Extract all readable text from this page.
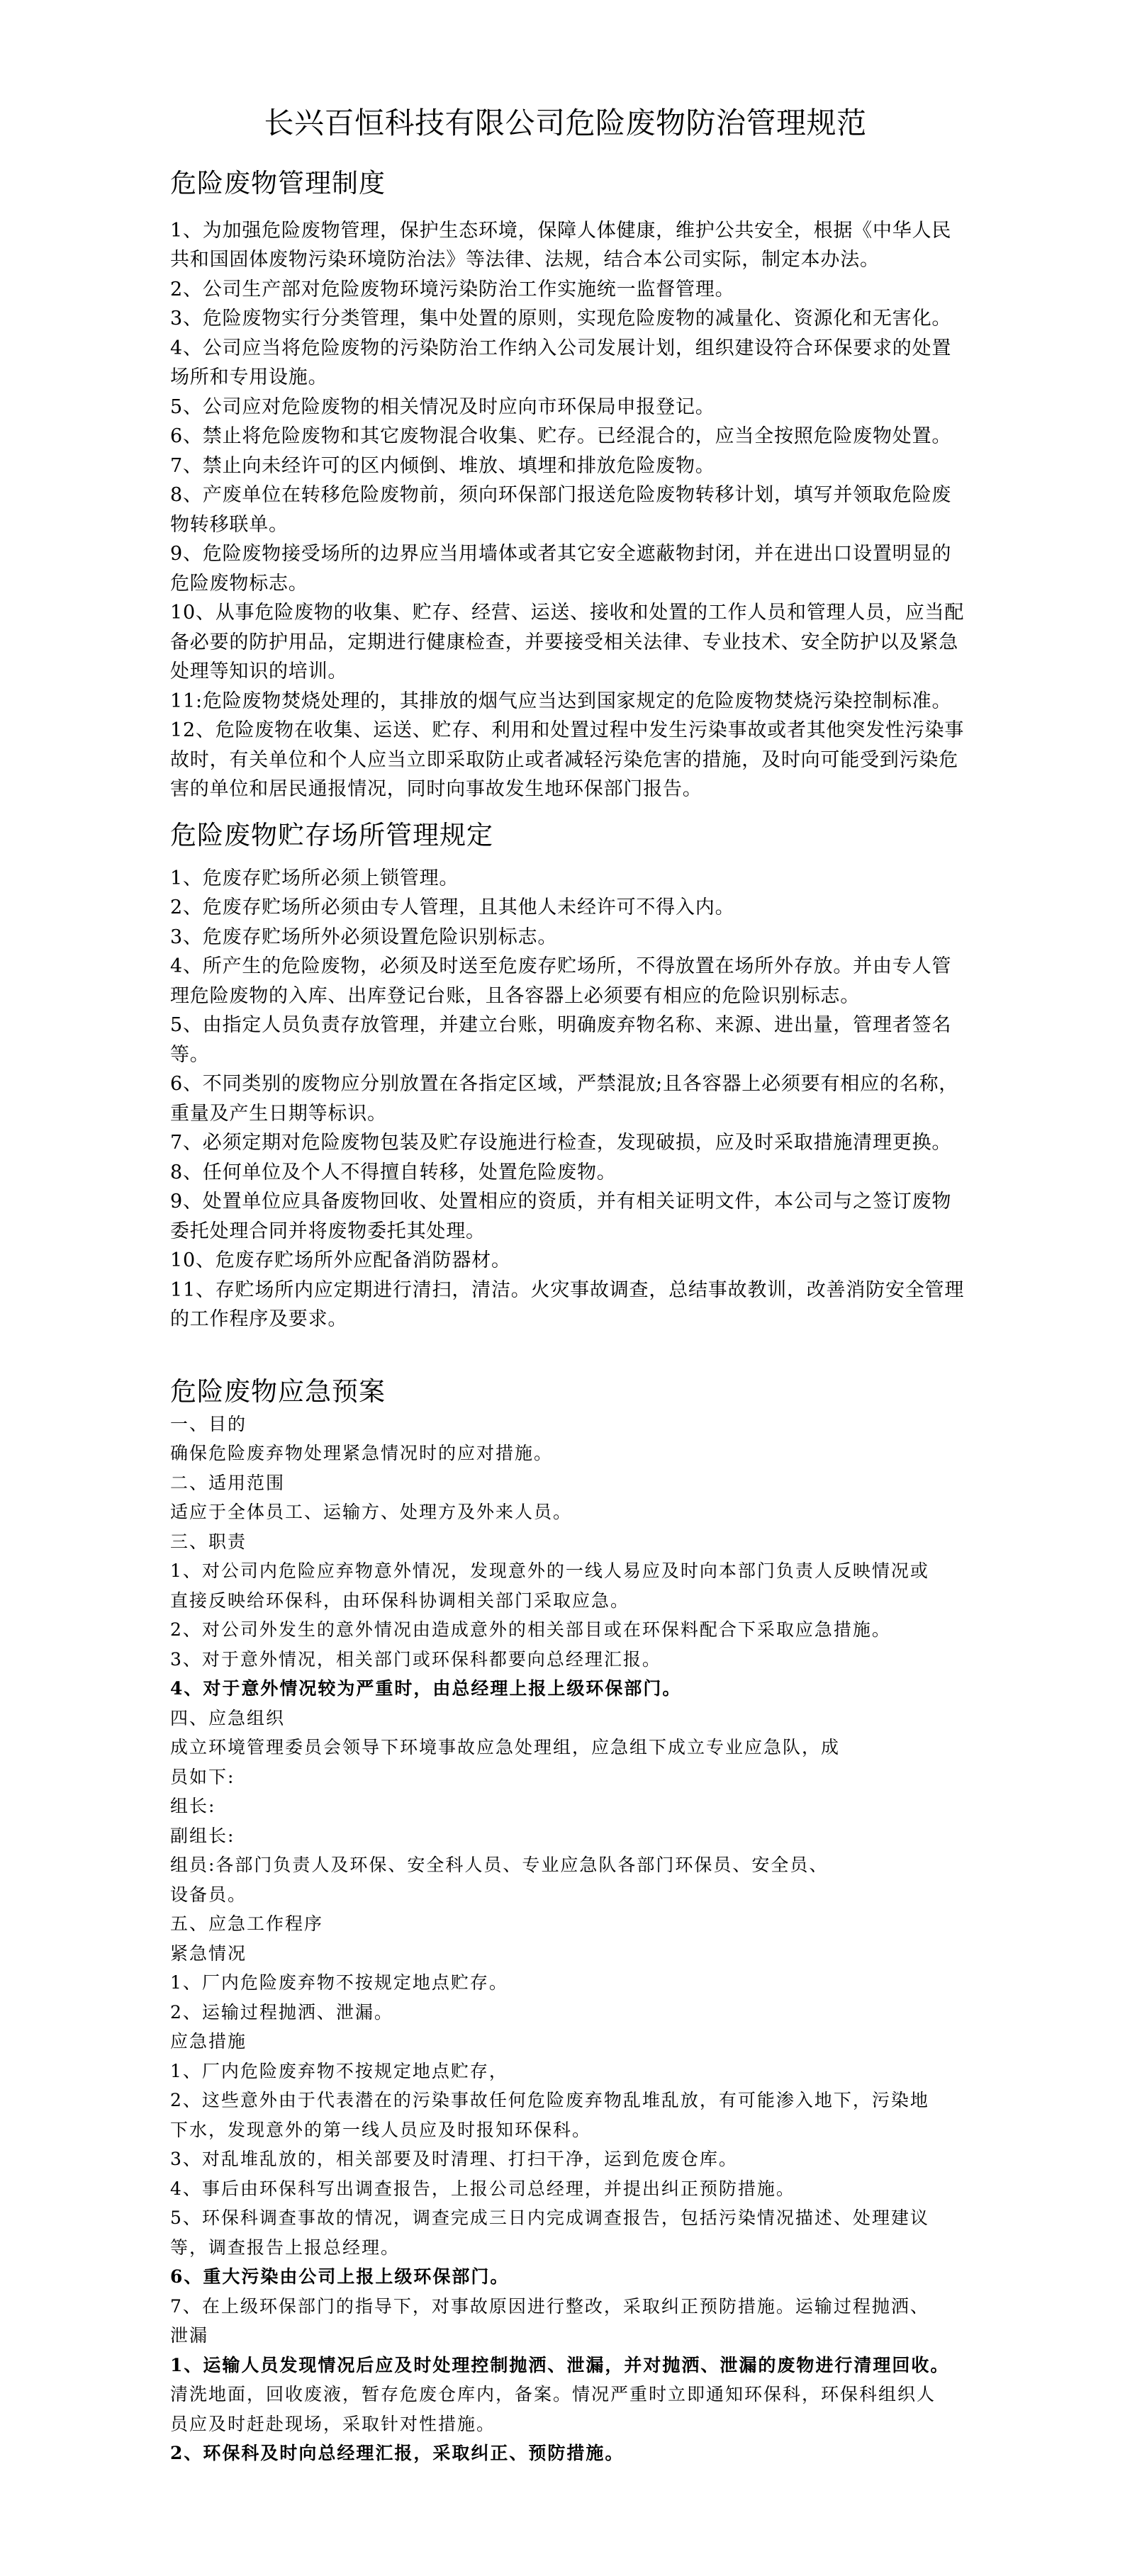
长兴百恒科技有限公司危险废物防治管理规范
危险废物管理制度
1、为加强危险废物管理，保护生态环境，保障人体健康，维护公共安全，根据《中华人民
共和国固体废物污染环境防治法》等法律、法规，结合本公司实际，制定本办法。
2、公司生产部对危险废物环境污染防治工作实施统一监督管理。
3、危险废物实行分类管理，集中处置的原则，实现危险废物的减量化、资源化和无害化。
4、公司应当将危险废物的污染防治工作纳入公司发展计划，组织建设符合环保要求的处置
场所和专用设施。
5、公司应对危险废物的相关情况及时应向市环保局申报登记。
6、禁止将危险废物和其它废物混合收集、贮存。已经混合的，应当全按照危险废物处置。
7、禁止向未经许可的区内倾倒、堆放、填埋和排放危险废物。
8、产废单位在转移危险废物前，须向环保部门报送危险废物转移计划，填写并领取危险废
物转移联单。
9、危险废物接受场所的边界应当用墙体或者其它安全遮蔽物封闭，并在进出口设置明显的
危险废物标志。
10、从事危险废物的收集、贮存、经营、运送、接收和处置的工作人员和管理人员，应当配
备必要的防护用品，定期进行健康检查，并要接受相关法律、专业技术、安全防护以及紧急
处理等知识的培训。
11:危险废物焚烧处理的，其排放的烟气应当达到国家规定的危险废物焚烧污染控制标准。
12、危险废物在收集、运送、贮存、利用和处置过程中发生污染事故或者其他突发性污染事
故时，有关单位和个人应当立即采取防止或者减轻污染危害的措施，及时向可能受到污染危
害的单位和居民通报情况，同时向事故发生地环保部门报告。
危险废物贮存场所管理规定
1、危废存贮场所必须上锁管理。
2、危废存贮场所必须由专人管理，且其他人未经许可不得入内。
3、危废存贮场所外必须设置危险识别标志。
4、所产生的危险废物，必须及时送至危废存贮场所，不得放置在场所外存放。并由专人管
理危险废物的入库、出库登记台账，且各容器上必须要有相应的危险识别标志。
5、由指定人员负责存放管理，并建立台账，明确废弃物名称、来源、进出量，管理者签名
等。
6、不同类别的废物应分别放置在各指定区域，严禁混放;且各容器上必须要有相应的名称，
重量及产生日期等标识。
7、必须定期对危险废物包装及贮存设施进行检查，发现破损，应及时采取措施清理更换。
8、任何单位及个人不得擅自转移，处置危险废物。
9、处置单位应具备废物回收、处置相应的资质，并有相关证明文件，本公司与之签订废物
委托处理合同并将废物委托其处理。
10、危废存贮场所外应配备消防器材。
11、存贮场所内应定期进行清扫，清洁。火灾事故调查，总结事故教训，改善消防安全管理
的工作程序及要求。
危险废物应急预案
一、目的
确保危险废弃物处理紧急情况时的应对措施。
二、适用范围
适应于全体员工、运输方、处理方及外来人员。
三、职责
1、对公司内危险应弃物意外情况，发现意外的一线人易应及时向本部门负责人反映情况或
直接反映给环保科，由环保科协调相关部门采取应急。
2、对公司外发生的意外情况由造成意外的相关部目或在环保料配合下采取应急措施。
3、对于意外情况，相关部门或环保科都要向总经理汇报。
4、对于意外情况较为严重时，由总经理上报上级环保部门。
四、应急组织
成立环境管理委员会领导下环境事故应急处理组，应急组下成立专业应急队，成
员如下:
组长:
副组长:
组员:各部门负责人及环保、安全科人员、专业应急队各部门环保员、安全员、
设备员。
五、应急工作程序
紧急情况
1、厂内危险废弃物不按规定地点贮存。
2、运输过程抛洒、泄漏。
应急措施
1、厂内危险废弃物不按规定地点贮存，
2、这些意外由于代表潜在的污染事故任何危险废弃物乱堆乱放，有可能渗入地下，污染地
下水，发现意外的第一线人员应及时报知环保科。
3、对乱堆乱放的，相关部要及时清理、打扫干净，运到危废仓库。
4、事后由环保科写出调查报告，上报公司总经理，并提出纠正预防措施。
5、环保科调查事故的情况，调查完成三日内完成调查报告，包括污染情况描述、处理建议
等，调查报告上报总经理。
6、重大污染由公司上报上级环保部门。
7、在上级环保部门的指导下，对事故原因进行整改，采取纠正预防措施。运输过程抛洒、
泄漏
1、运输人员发现情况后应及时处理控制抛洒、泄漏，并对抛洒、泄漏的废物进行清理回收。
清洗地面，回收废液，暂存危废仓库内，备案。情况严重时立即通知环保科，环保科组织人
员应及时赶赴现场，采取针对性措施。
2、环保科及时向总经理汇报，采取纠正、预防措施。
